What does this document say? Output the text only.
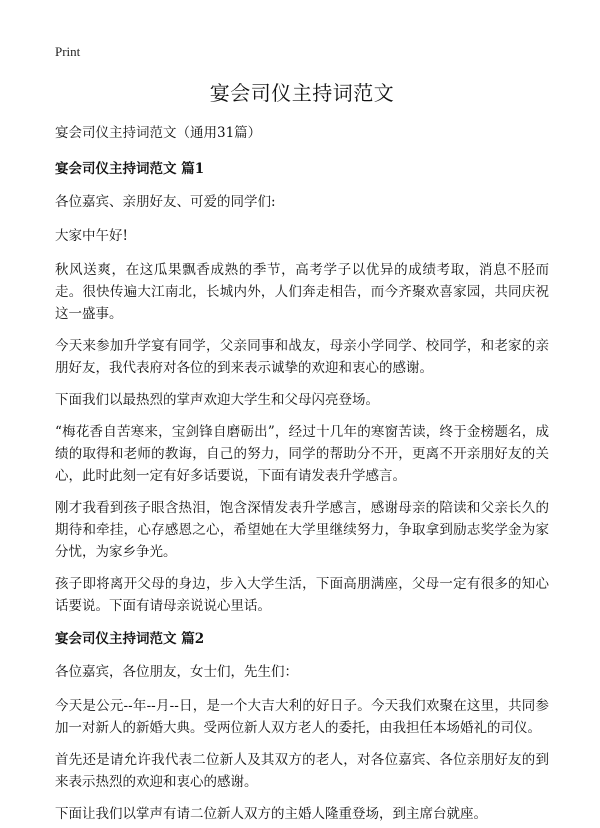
Print
宴会司仪主持词范文

宴会司仪主持词范文（通用31篇）

宴会司仪主持词范文 篇1

各位嘉宾、亲朋好友、可爱的同学们:

大家中午好!

秋风送爽，在这瓜果飘香成熟的季节，高考学子以优异的成绩考取，消息不胫而走。很快传遍大江南北，长城内外，人们奔走相告，而今齐聚欢喜家园，共同庆祝这一盛事。

今天来参加升学宴有同学，父亲同事和战友，母亲小学同学、校同学，和老家的亲朋好友，我代表府对各位的到来表示诚挚的欢迎和衷心的感谢。

下面我们以最热烈的掌声欢迎大学生和父母闪亮登场。

“梅花香自苦寒来，宝剑锋自磨砺出”，经过十几年的寒窗苦读，终于金榜题名，成绩的取得和老师的教诲，自己的努力，同学的帮助分不开，更离不开亲朋好友的关心，此时此刻一定有好多话要说，下面有请发表升学感言。

刚才我看到孩子眼含热泪，饱含深情发表升学感言，感谢母亲的陪读和父亲长久的期待和牵挂，心存感恩之心，希望她在大学里继续努力，争取拿到励志奖学金为家分忧，为家乡争光。

孩子即将离开父母的身边，步入大学生活，下面高朋满座，父母一定有很多的知心话要说。下面有请母亲说说心里话。

宴会司仪主持词范文 篇2

各位嘉宾，各位朋友，女士们，先生们：

今天是公元--年--月--日，是一个大吉大利的好日子。今天我们欢聚在这里，共同参加一对新人的新婚大典。受两位新人双方老人的委托，由我担任本场婚礼的司仪。

首先还是请允许我代表二位新人及其双方的老人，对各位嘉宾、各位亲朋好友的到来表示热烈的欢迎和衷心的感谢。

下面让我们以掌声有请二位新人双方的主婚人隆重登场，到主席台就座。
